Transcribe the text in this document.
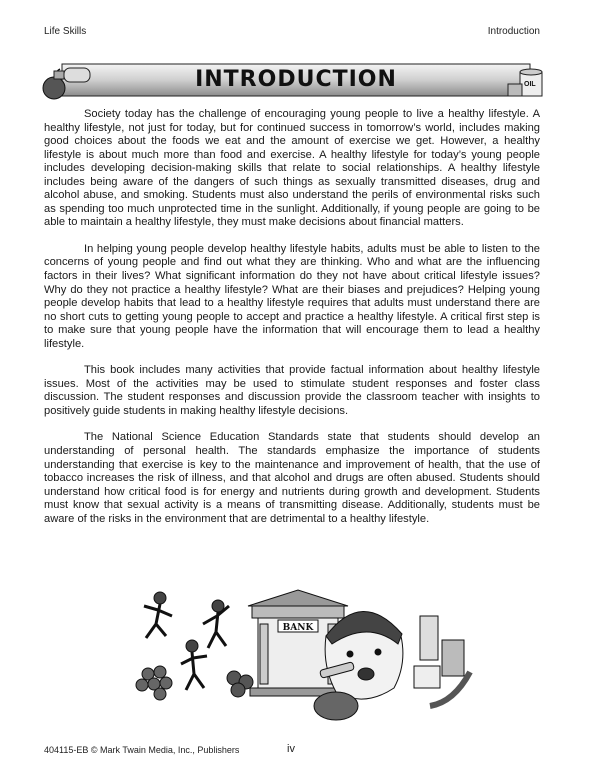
Life Skills	Introduction
OIL
INTRODUCTION

Society today has the challenge of encouraging young people to live a healthy lifestyle. A healthy lifestyle, not just for today, but for continued success in tomorrow’s world, includes making good choices about the foods we eat and the amount of exercise we get. However, a healthy lifestyle is about much more than food and exercise. A healthy lifestyle for today’s young people includes developing decision-making skills that relate to social relationships. A healthy lifestyle includes being aware of the dangers of such things as sexually transmitted diseases, drug and alcohol abuse, and smoking. Students must also understand the perils of environmental risks such as spending too much unprotected time in the sunlight. Additionally, if young people are going to be able to maintain a healthy lifestyle, they must make decisions about financial matters.

In helping young people develop healthy lifestyle habits, adults must be able to listen to the concerns of young people and find out what they are thinking. Who and what are the influencing factors in their lives? What significant information do they not have about critical lifestyle issues? Why do they not practice a healthy lifestyle? What are their biases and prejudices? Helping young people develop habits that lead to a healthy lifestyle requires that adults must understand there are no short cuts to getting young people to accept and practice a healthy lifestyle. A critical first step is to make sure that young people have the information that will encourage them to lead a healthy lifestyle.

This book includes many activities that provide factual information about healthy lifestyle issues. Most of the activities may be used to stimulate student responses and foster class discussion. The student responses and discussion provide the classroom teacher with insights to positively guide students in making healthy lifestyle decisions.

The National Science Education Standards state that students should develop an understanding of personal health. The standards emphasize the importance of students understanding that exercise is key to the maintenance and improvement of health, that the use of tobacco increases the risk of illness, and that alcohol and drugs are often abused. Students should understand how critical food is for energy and nutrients during growth and development. Students must know that sexual activity is a means of transmitting disease. Additionally, students must be aware of the risks in the environment that are detrimental to a healthy lifestyle.

BANK
404115-EB © Mark Twain Media, Inc., Publishers	iv
